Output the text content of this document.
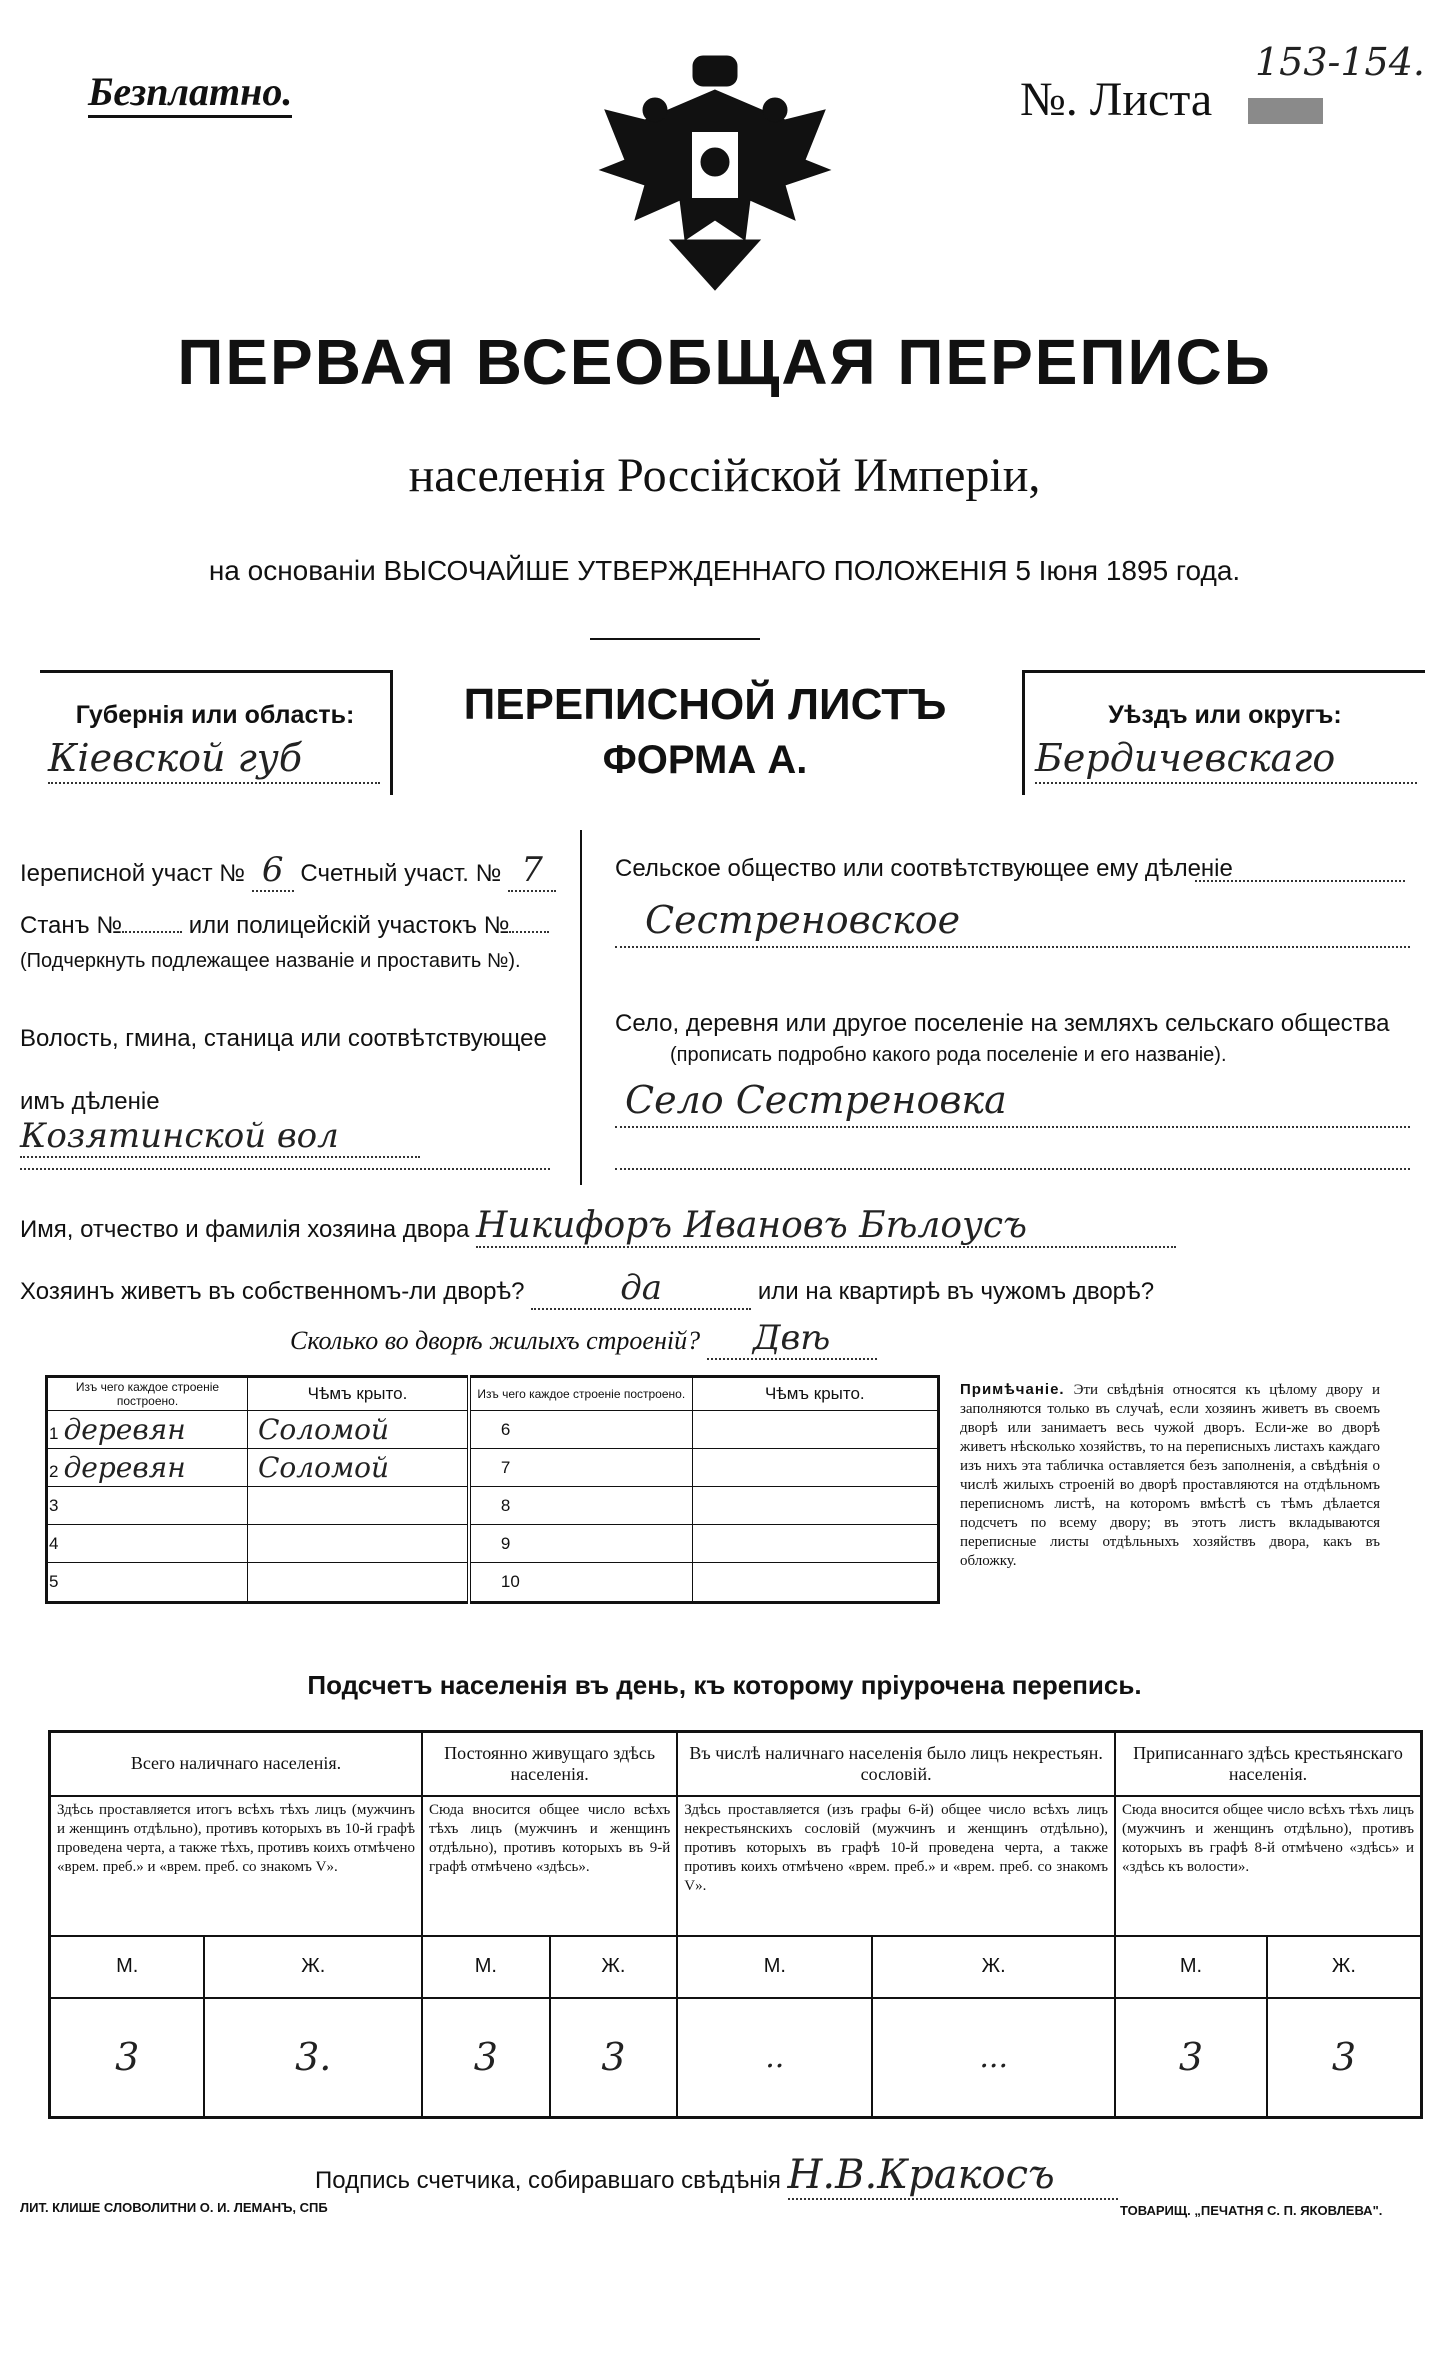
Безплатно.	№. Листа
153-154.
ПЕРВАЯ ВСЕОБЩАЯ ПЕРЕПИСЬ
населенія Россійской Имперіи,
на основаніи ВЫСОЧАЙШЕ УТВЕРЖДЕННАГО ПОЛОЖЕНІЯ 5 Іюня 1895 года.
Губернія или область:
Кіевской губ
ПЕРЕПИСНОЙ ЛИСТЪ
ФОРМА А.
Уѣздъ или округъ:
Бердичевскаго
Іереписной участ № 6 Счетный участ. № 7
Станъ №	или полицейскій участокъ №
(Подчеркнуть подлежащее названіе и проставить №).
Волость, гмина, станица или соотвѣтствующее
имъ дѣленіе Козятинской вол
Сельское общество или соотвѣтствующее ему дѣленіе
Сестреновское
Село, деревня или другое поселеніе на земляхъ сельскаго общества
(прописать подробно какого рода поселеніе и его названіе).
Село Сестреновка
Имя, отчество и фамилія хозяина двора Никифоръ Ивановъ Бѣлоусъ
Хозяинъ живетъ въ собственномъ-ли дворѣ?	да	или на квартирѣ въ чужомъ дворѣ?
Сколько во дворѣ жилыхъ строеній? Двѣ
Изъ чего каждое строеніе построено.	Чѣмъ крыто.	Изъ чего каждое строеніе построено.	Чѣмъ крыто.
1 деревян	Соломой	6	
2 деревян	Соломой	7	
3		8	
4		9	
5		10	
Примѣчаніе. Эти свѣдѣнія относятся къ цѣлому двору и заполняются только въ случаѣ, если хозяинъ живетъ въ своемъ дворѣ или занимаетъ весь чужой дворъ. Если-же во дворѣ живетъ нѣсколько хозяйствъ, то на переписныхъ листахъ каждаго изъ нихъ эта табличка оставляется безъ заполненія, а свѣдѣнія о числѣ жилыхъ строеній во дворѣ проставляются на отдѣльномъ переписномъ листѣ, на которомъ вмѣстѣ съ тѣмъ дѣлается подсчетъ по всему двору; въ этотъ листъ вкладываются переписные листы отдѣльныхъ хозяйствъ двора, какъ въ обложку.
Подсчетъ населенія въ день, къ которому пріурочена перепись.
Всего наличнаго населенія.		Постоянно живущаго здѣсь населенія.		Въ числѣ наличнаго населенія было лицъ некрестьян. сословій.		Приписаннаго здѣсь крестьянскаго населенія.	
Здѣсь проставляется итогъ всѣхъ тѣхъ лицъ (мужчинъ и женщинъ отдѣльно), противъ которыхъ въ 10-й графѣ проведена черта, а также тѣхъ, противъ коихъ отмѣчено «врем. преб.» и «врем. преб. со знакомъ V».		Сюда вносится общее число всѣхъ тѣхъ лицъ (мужчинъ и женщинъ отдѣльно), противъ которыхъ въ 9-й графѣ отмѣчено «здѣсь».		Здѣсь проставляется (изъ графы 6-й) общее число всѣхъ лицъ некрестьянскихъ сословій (мужчинъ и женщинъ отдѣльно), противъ которыхъ въ графѣ 10-й проведена черта, а также противъ коихъ отмѣчено «врем. преб.» и «врем. преб. со знакомъ V».		Сюда вносится общее число всѣхъ тѣхъ лицъ (мужчинъ и женщинъ отдѣльно), противъ которыхъ въ графѣ 8-й отмѣчено «здѣсь» и «здѣсь къ волости».	
М.	Ж.	М.	Ж.	М.	Ж.	М.	Ж.
3	3.	3	3	..	...	3	3
Подпись счетчика, собиравшаго свѣдѣнія Н.В.Кракосъ
ЛИТ. КЛИШЕ СЛОВОЛИТНИ О. И. ЛЕМАНЪ, СПБ	ТОВАРИЩ. „ПЕЧАТНЯ С. П. ЯКОВЛЕВА".
